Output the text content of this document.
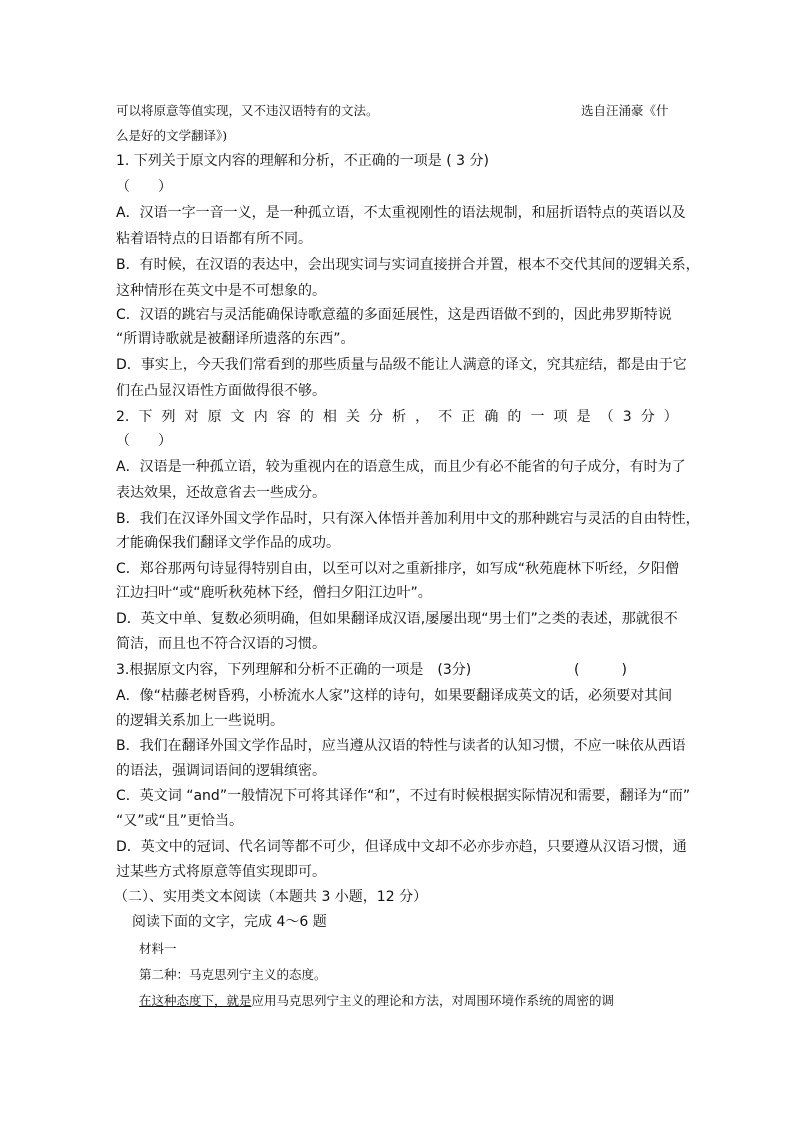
可以将原意等值实现，又不违汉语特有的文法。	选自汪涌豪《什
么是好的文学翻译》)
1. 下列关于原文内容的理解和分析，不正确的一项是 ( 3 分)
（　　）
A．汉语一字一音一义，是一种孤立语，不太重视刚性的语法规制，和屈折语特点的英语以及
粘着语特点的日语都有所不同。
B．有时候，在汉语的表达中，会出现实词与实词直接拼合并置，根本不交代其间的逻辑关系，
这种情形在英文中是不可想象的。
C．汉语的跳宕与灵活能确保诗歌意蕴的多面延展性，这是西语做不到的，因此弗罗斯特说
“所谓诗歌就是被翻译所遗落的东西”。
D．事实上，今天我们常看到的那些质量与品级不能让人满意的译文，究其症结，都是由于它
们在凸显汉语性方面做得很不够。
2. 下 列 对 原 文 内 容 的 相 关 分 析 ， 不 正 确 的 一 项 是 （ 3 分 ）
（　　）
A．汉语是一种孤立语，较为重视内在的语意生成，而且少有必不能省的句子成分，有时为了
表达效果，还故意省去一些成分。
B．我们在汉译外国文学作品时，只有深入体悟并善加利用中文的那种跳宕与灵活的自由特性，
才能确保我们翻译文学作品的成功。
C．郑谷那两句诗显得特别自由，以至可以对之重新排序，如写成“秋苑鹿林下听经，夕阳僧
江边扫叶“或“鹿听秋苑林下经，僧扫夕阳江边叶”。
D．英文中单、复数必须明确，但如果翻译成汉语,屡屡出现“男士们”之类的表述，那就很不
简洁，而且也不符合汉语的习惯。
3.根据原文内容，下列理解和分析不正确的一项是　(3分)	(　　　)
A．像“枯藤老树昏鸦，小桥流水人家”这样的诗句，如果要翻译成英文的话，必须要对其间
的逻辑关系加上一些说明。
B．我们在翻译外国文学作品时，应当遵从汉语的特性与读者的认知习惯，不应一味依从西语
的语法，强调词语间的逻辑缜密。
C．英文词 “and”一般情况下可将其译作“和”，不过有时候根据实际情况和需要，翻译为“而”
“又”或“且”更恰当。
D．英文中的冠词、代名词等都不可少，但译成中文却不必亦步亦趋，只要遵从汉语习惯，通
过某些方式将原意等值实现即可。
（二）、实用类文本阅读（本题共 3 小题，12 分）
阅读下面的文字，完成 4～6 题
材料一
第二种：马克思列宁主义的态度。
在这种态度下，就是应用马克思列宁主义的理论和方法，对周围环境作系统的周密的调
